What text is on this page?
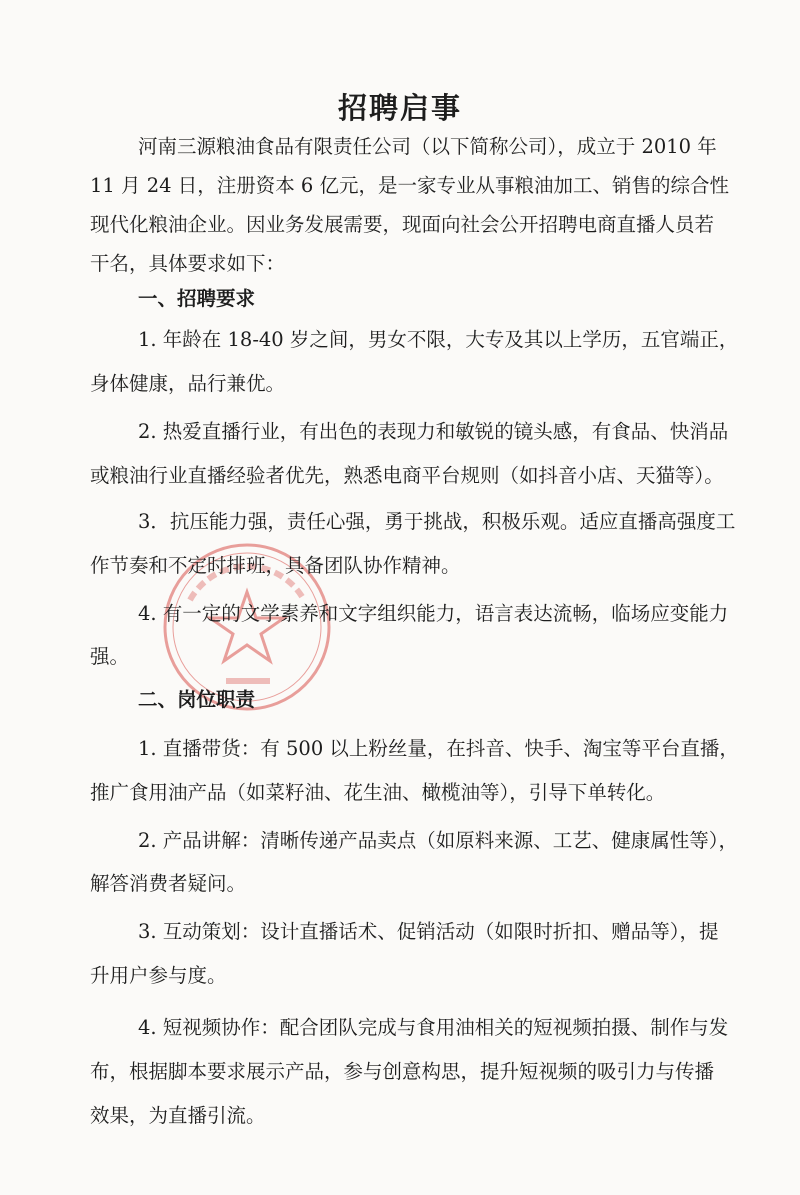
招聘启事
河南三源粮油食品有限责任公司（以下简称公司），成立于 2010 年
11 月 24 日，注册资本 6 亿元，是一家专业从事粮油加工、销售的综合性
现代化粮油企业。因业务发展需要，现面向社会公开招聘电商直播人员若
干名，具体要求如下：
一、招聘要求
1. 年龄在 18-40 岁之间，男女不限，大专及其以上学历，五官端正，
身体健康，品行兼优。
2. 热爱直播行业，有出色的表现力和敏锐的镜头感，有食品、快消品
或粮油行业直播经验者优先，熟悉电商平台规则（如抖音小店、天猫等）。
3．抗压能力强，责任心强，勇于挑战，积极乐观。适应直播高强度工
作节奏和不定时排班，具备团队协作精神。
4. 有一定的文学素养和文字组织能力，语言表达流畅，临场应变能力
强。
二、岗位职责
1. 直播带货：有 500 以上粉丝量，在抖音、快手、淘宝等平台直播，
推广食用油产品（如菜籽油、花生油、橄榄油等），引导下单转化。
2. 产品讲解：清晰传递产品卖点（如原料来源、工艺、健康属性等），
解答消费者疑问。
3. 互动策划：设计直播话术、促销活动（如限时折扣、赠品等），提
升用户参与度。
4. 短视频协作：配合团队完成与食用油相关的短视频拍摄、制作与发
布，根据脚本要求展示产品，参与创意构思，提升短视频的吸引力与传播
效果，为直播引流。
